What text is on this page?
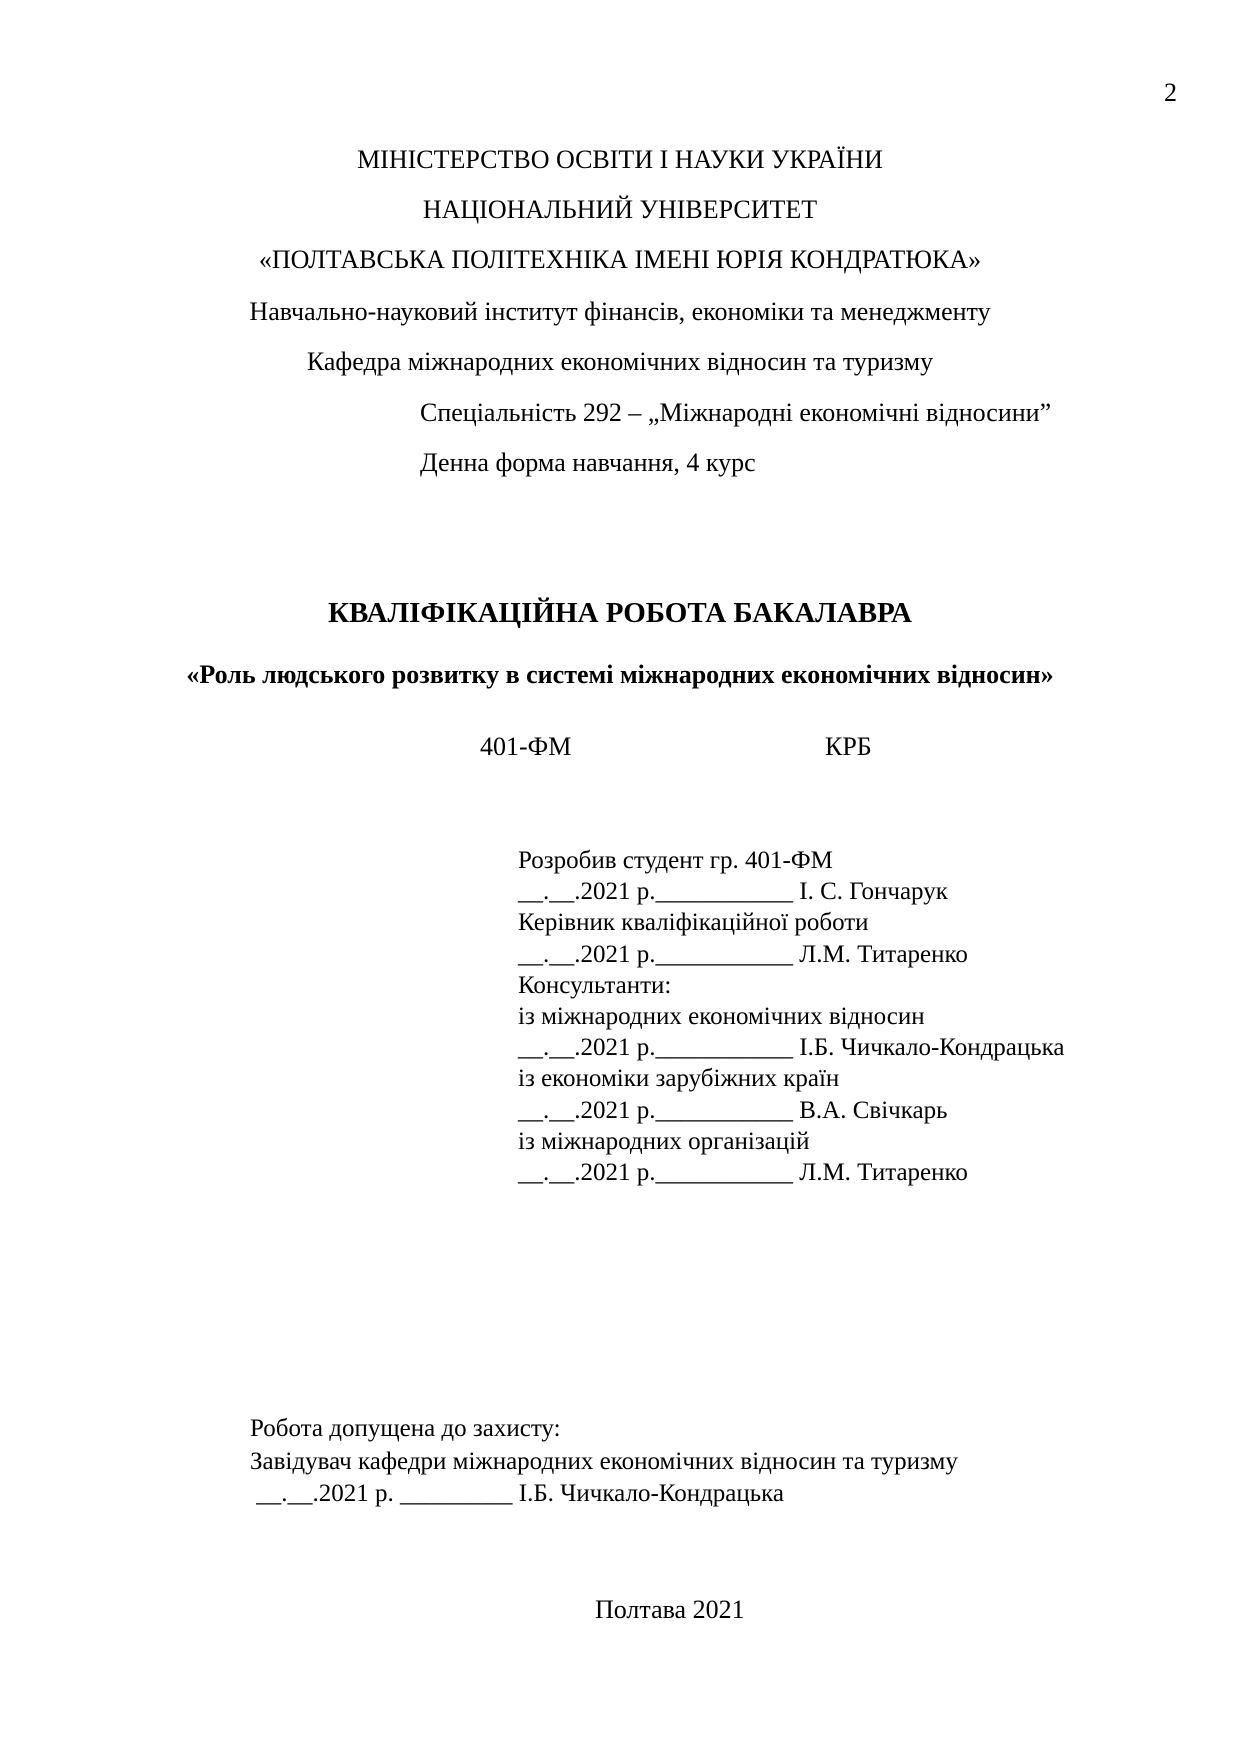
2
МІНІСТЕРСТВО ОСВІТИ І НАУКИ УКРАЇНИ
НАЦІОНАЛЬНИЙ УНІВЕРСИТЕТ
«ПОЛТАВСЬКА ПОЛІТЕХНІКА ІМЕНІ ЮРІЯ КОНДРАТЮКА»
Навчально-науковий інститут фінансів, економіки та менеджменту
Кафедра міжнародних економічних відносин та туризму
Спеціальність 292 – „Міжнародні економічні відносини”
Денна форма навчання, 4 курс
КВАЛІФІКАЦІЙНА РОБОТА БАКАЛАВРА
«Роль людського розвитку в системі міжнародних економічних відносин»
401-ФМ	КРБ
Розробив студент гр. 401-ФМ
__.__.2021 р.___________ І. С. Гончарук
Керівник кваліфікаційної роботи
__.__.2021 р.___________ Л.М. Титаренко
Консультанти:
із міжнародних економічних відносин
__.__.2021 р.___________ І.Б. Чичкало-Кондрацька
із економіки зарубіжних країн
__.__.2021 р.___________ В.А. Свічкарь
із міжнародних організацій
__.__.2021 р.___________ Л.М. Титаренко
Робота допущена до захисту:
Завідувач кафедри міжнародних економічних відносин та туризму
__.__.2021 р. _________ І.Б. Чичкало-Кондрацька
Полтава 2021
